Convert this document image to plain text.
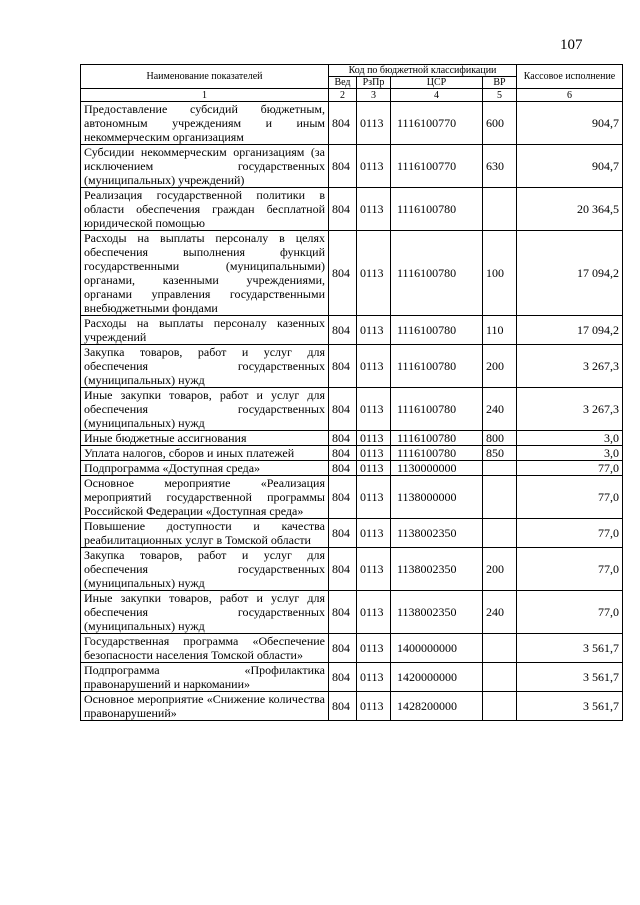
107
Наименование показателей	Код по бюджетной классификации				Кассовое исполнение
	Вед	РзПр	ЦСР	ВР	
1	2	3	4	5	6
Предоставление субсидий бюджетным, автономным учреждениям и иным некоммерческим организациям	804	0113	1116100770	600	904,7
Субсидии некоммерческим организациям (за исключением государственных (муниципальных) учреждений)	804	0113	1116100770	630	904,7
Реализация государственной политики в области обеспечения граждан бесплатной юридической помощью	804	0113	1116100780		20 364,5
Расходы на выплаты персоналу в целях обеспечения выполнения функций государственными (муниципальными) органами, казенными учреждениями, органами управления государственными внебюджетными фондами	804	0113	1116100780	100	17 094,2
Расходы на выплаты персоналу казенных учреждений	804	0113	1116100780	110	17 094,2
Закупка товаров, работ и услуг для обеспечения государственных (муниципальных) нужд	804	0113	1116100780	200	3 267,3
Иные закупки товаров, работ и услуг для обеспечения государственных (муниципальных) нужд	804	0113	1116100780	240	3 267,3
Иные бюджетные ассигнования	804	0113	1116100780	800	3,0
Уплата налогов, сборов и иных платежей	804	0113	1116100780	850	3,0
Подпрограмма «Доступная среда»	804	0113	1130000000		77,0
Основное мероприятие «Реализация мероприятий государственной программы Российской Федерации «Доступная среда»	804	0113	1138000000		77,0
Повышение доступности и качества реабилитационных услуг в Томской области	804	0113	1138002350		77,0
Закупка товаров, работ и услуг для обеспечения государственных (муниципальных) нужд	804	0113	1138002350	200	77,0
Иные закупки товаров, работ и услуг для обеспечения государственных (муниципальных) нужд	804	0113	1138002350	240	77,0
Государственная программа «Обеспечение безопасности населения Томской области»	804	0113	1400000000		3 561,7
Подпрограмма «Профилактика правонарушений и наркомании»	804	0113	1420000000		3 561,7
Основное мероприятие «Снижение количества правонарушений»	804	0113	1428200000		3 561,7
